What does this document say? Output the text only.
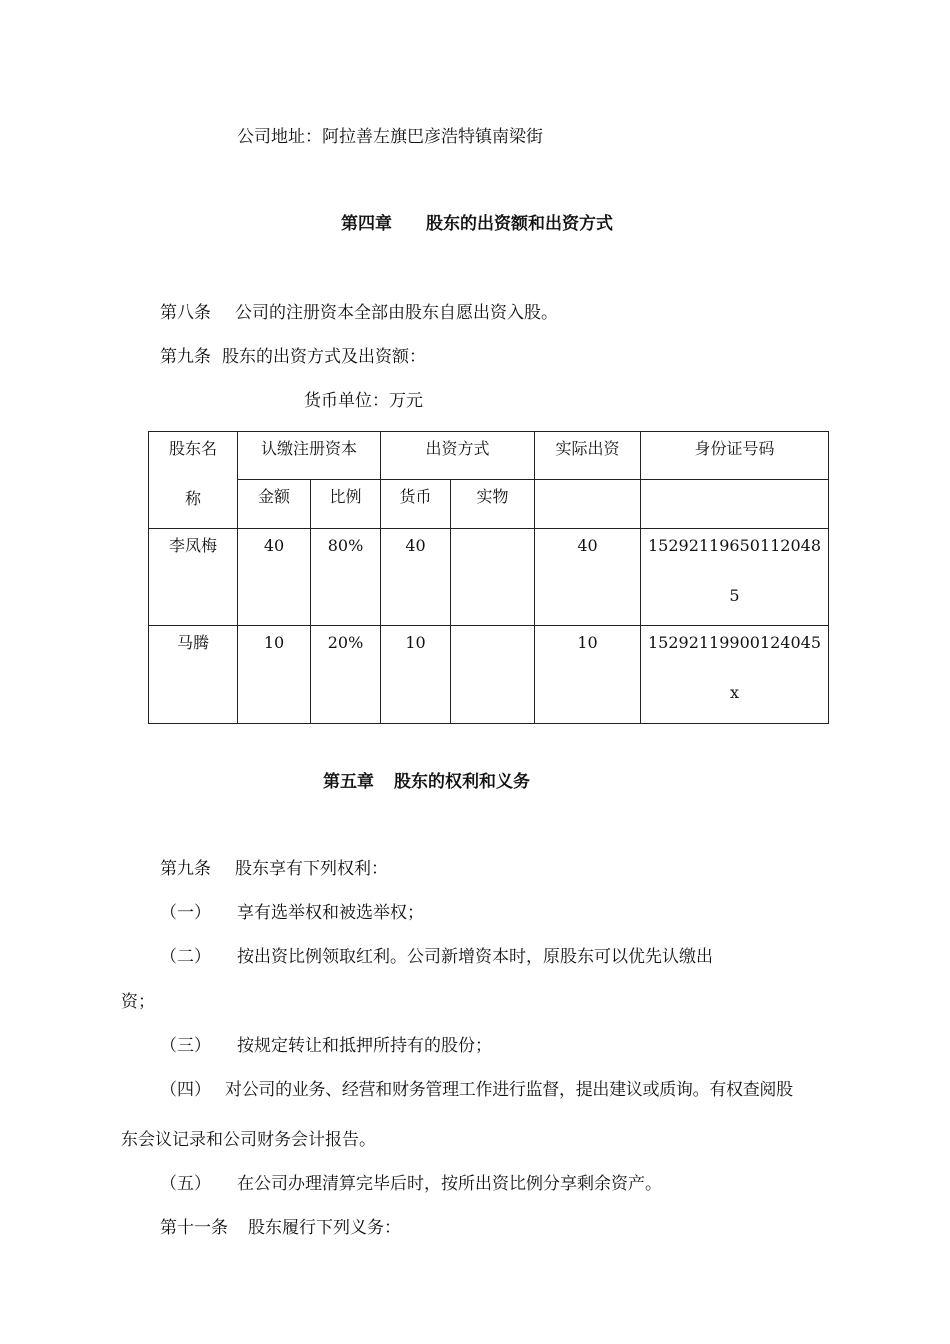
公司地址：阿拉善左旗巴彦浩特镇南梁街
第四章 股东的出资额和出资方式
第八条 公司的注册资本全部由股东自愿出资入股。
第九条 股东的出资方式及出资额：
货币单位：万元
股东名
称	认缴注册资本		出资方式		实际出资	身份证号码

	金额	比例	货币	实物		

李凤梅	40	80%	40		40	15292119650112048
5

马腾	10	20%	10		10	15292119900124045
x
第五章 股东的权利和义务
第九条 股东享有下列权利：
（一） 享有选举权和被选举权；
（二） 按出资比例领取红利。公司新增资本时，原股东可以优先认缴出
资；
（三） 按规定转让和抵押所持有的股份；
（四） 对公司的业务、经营和财务管理工作进行监督，提出建议或质询。有权查阅股
东会议记录和公司财务会计报告。
（五） 在公司办理清算完毕后时，按所出资比例分享剩余资产。
第十一条 股东履行下列义务：
